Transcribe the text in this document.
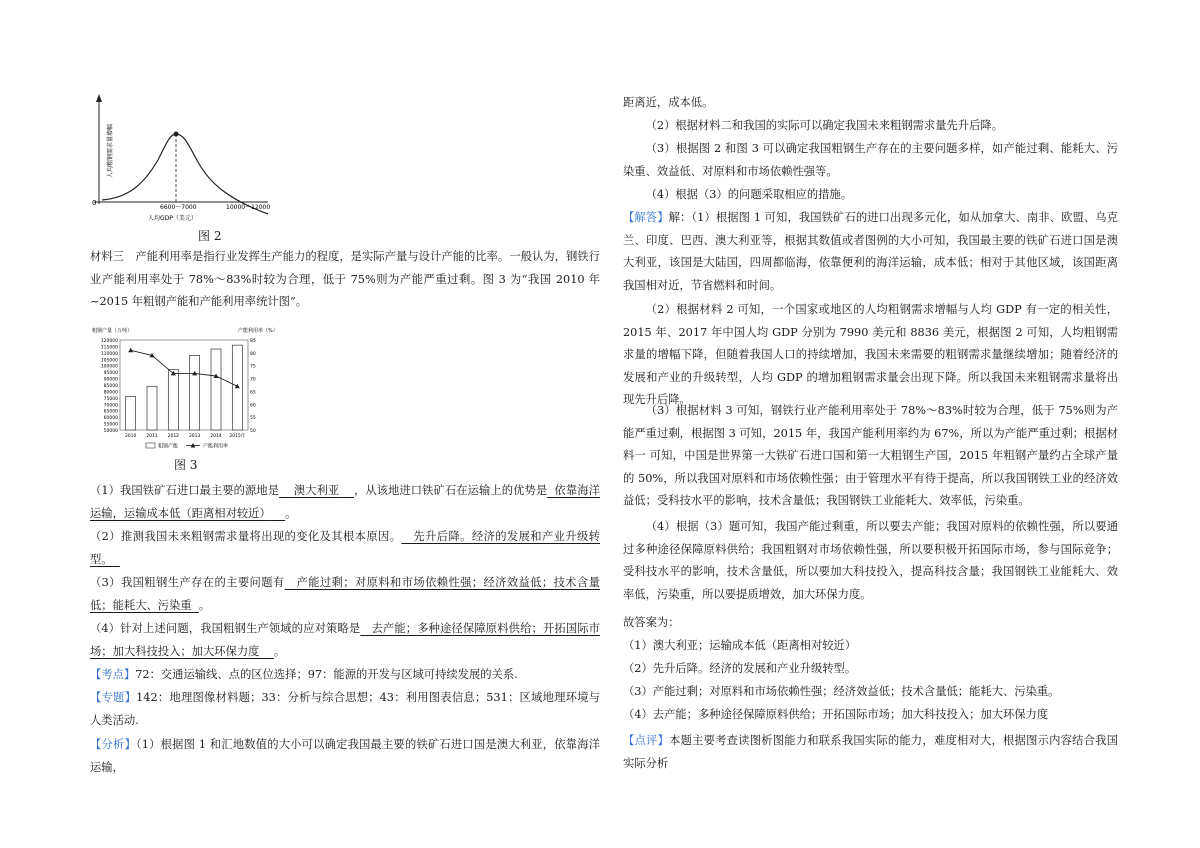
人均粗钢需求量增幅
0
6600～7000	10000～12000
人均GDP（美元）
图 2

材料三　产能利用率是指行业发挥生产能力的程度，是实际产量与设计产能的比率。一般认为，钢铁行业产能利用率处于 78%～83%时较为合理，低于 75%则为产能严重过剩。图 3 为“我国 2010 年~2015 年粗钢产能和产能利用率统计图”。

粗钢产量（万吨）	产能利用率（%）
120000
115000
110000
105000
100000
95000
90000
85000
80000
75000
70000
65000
60000
55000
50000
85
80
75
70
65
60
55
50
2010 2011 2012 2013 2014 2015年
粗钢产能	产能利用率
图 3

（1）我国铁矿石进口最主要的源地是 澳大利亚 ，从该地进口铁矿石在运输上的优势是 依靠海洋运输，运输成本低（距离相对较近） 。

（2）推测我国未来粗钢需求量将出现的变化及其根本原因。 先升后降。经济的发展和产业升级转型。

（3）我国粗钢生产存在的主要问题有 产能过剩；对原料和市场依赖性强；经济效益低；技术含量低；能耗大、污染重 。

（4）针对上述问题，我国粗钢生产领域的应对策略是 去产能；多种途径保障原料供给；开拓国际市场；加大科技投入；加大环保力度 。

【考点】72：交通运输线、点的区位选择；97：能源的开发与区域可持续发展的关系.

【专题】142：地理图像材料题；33：分析与综合思想；43：利用图表信息；531：区域地理环境与人类活动.

【分析】（1）根据图 1 和汇地数值的大小可以确定我国最主要的铁矿石进口国是澳大利亚，依靠海洋运输，

距离近，成本低。

（2）根据材料二和我国的实际可以确定我国未来粗钢需求量先升后降。

（3）根据图 2 和图 3 可以确定我国粗钢生产存在的主要问题多样，如产能过剩、能耗大、污染重、效益低、对原料和市场依赖性强等。

（4）根据（3）的问题采取相应的措施。

【解答】解：（1）根据图 1 可知，我国铁矿石的进口出现多元化，如从加拿大、南非、欧盟、乌克兰、印度、巴西、澳大利亚等，根据其数值或者图例的大小可知，我国最主要的铁矿石进口国是澳大利亚，该国是大陆国，四周都临海，依靠便利的海洋运输，成本低；相对于其他区域，该国距离我国相对近，节省燃料和时间。

（2）根据材料 2 可知，一个国家或地区的人均粗钢需求增幅与人均 GDP 有一定的相关性，2015 年、2017 年中国人均 GDP 分别为 7990 美元和 8836 美元，根据图 2 可知，人均粗钢需求量的增幅下降，但随着我国人口的持续增加，我国未来需要的粗钢需求量继续增加；随着经济的发展和产业的升级转型，人均 GDP 的增加粗钢需求量会出现下降。所以我国未来粗钢需求量将出现先升后降。

（3）根据材料 3 可知，钢铁行业产能利用率处于 78%～83%时较为合理，低于 75%则为产能严重过剩，根据图 3 可知，2015 年，我国产能利用率约为 67%，所以为产能严重过剩；根据材料一 可知，中国是世界第一大铁矿石进口国和第一大粗钢生产国，2015 年粗钢产量约占全球产量的 50%，所以我国对原料和市场依赖性强；由于管理水平有待于提高，所以我国钢铁工业的经济效益低；受科技水平的影响，技术含量低；我国钢铁工业能耗大、效率低，污染重。

（4）根据（3）题可知，我国产能过剩重，所以要去产能；我国对原料的依赖性强，所以要通过多种途径保障原料供给；我国粗钢对市场依赖性强，所以要积极开拓国际市场，参与国际竞争；受科技水平的影响，技术含量低，所以要加大科技投入，提高科技含量；我国钢铁工业能耗大、效率低，污染重，所以要提质增效，加大环保力度。

故答案为：

（1）澳大利亚；运输成本低（距离相对较近）

（2）先升后降。经济的发展和产业升级转型。

（3）产能过剩；对原料和市场依赖性强；经济效益低；技术含量低；能耗大、污染重。

（4）去产能；多种途径保障原料供给；开拓国际市场；加大科技投入；加大环保力度

【点评】本题主要考查读图析图能力和联系我国实际的能力，难度相对大，根据图示内容结合我国实际分析
